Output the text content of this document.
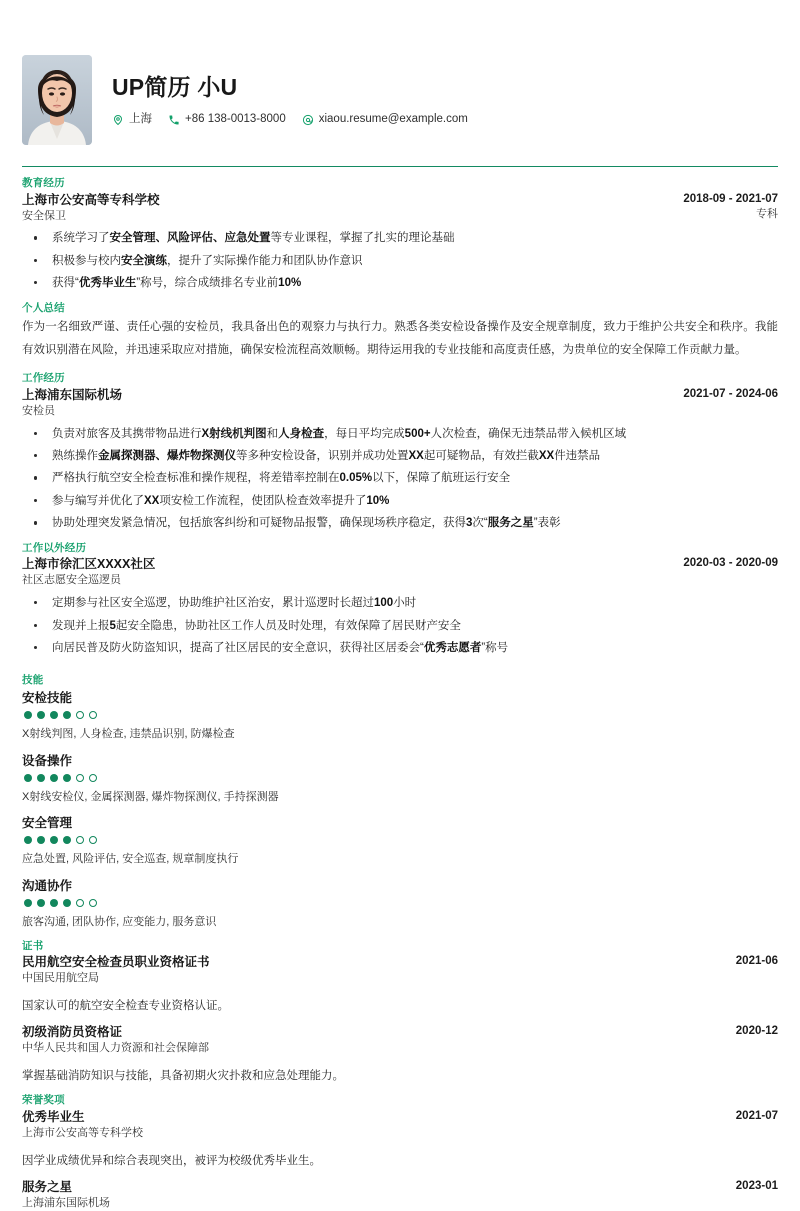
UP简历 小U
上海	+86 138-0013-8000	xiaou.resume@example.com
教育经历
上海市公安高等专科学校
安全保卫
2018-09 - 2021-07
专科
系统学习了安全管理、风险评估、应急处置等专业课程，掌握了扎实的理论基础
积极参与校内安全演练，提升了实际操作能力和团队协作意识
获得“优秀毕业生”称号，综合成绩排名专业前10%
个人总结
作为一名细致严谨、责任心强的安检员，我具备出色的观察力与执行力。熟悉各类安检设备操作及安全规章制度，致力于维护公共安全和秩序。我能有效识别潜在风险，并迅速采取应对措施，确保安检流程高效顺畅。期待运用我的专业技能和高度责任感，为贵单位的安全保障工作贡献力量。
工作经历
上海浦东国际机场
安检员
2021-07 - 2024-06
负责对旅客及其携带物品进行X射线机判图和人身检查，每日平均完成500+人次检查，确保无违禁品带入候机区域
熟练操作金属探测器、爆炸物探测仪等多种安检设备，识别并成功处置XX起可疑物品，有效拦截XX件违禁品
严格执行航空安全检查标准和操作规程，将差错率控制在0.05%以下，保障了航班运行安全
参与编写并优化了XX项安检工作流程，使团队检查效率提升了10%
协助处理突发紧急情况，包括旅客纠纷和可疑物品报警，确保现场秩序稳定，获得3次“服务之星”表彰
工作以外经历
上海市徐汇区XXXX社区
社区志愿安全巡逻员
2020-03 - 2020-09
定期参与社区安全巡逻，协助维护社区治安，累计巡逻时长超过100小时
发现并上报5起安全隐患，协助社区工作人员及时处理，有效保障了居民财产安全
向居民普及防火防盗知识，提高了社区居民的安全意识，获得社区居委会“优秀志愿者”称号
技能
安检技能
X射线判图, 人身检查, 违禁品识别, 防爆检查
设备操作
X射线安检仪, 金属探测器, 爆炸物探测仪, 手持探测器
安全管理
应急处置, 风险评估, 安全巡查, 规章制度执行
沟通协作
旅客沟通, 团队协作, 应变能力, 服务意识
证书
民用航空安全检查员职业资格证书
中国民用航空局
2021-06
国家认可的航空安全检查专业资格认证。
初级消防员资格证
中华人民共和国人力资源和社会保障部
2020-12
掌握基础消防知识与技能，具备初期火灾扑救和应急处理能力。
荣誉奖项
优秀毕业生
上海市公安高等专科学校
2021-07
因学业成绩优异和综合表现突出，被评为校级优秀毕业生。
服务之星
上海浦东国际机场
2023-01
